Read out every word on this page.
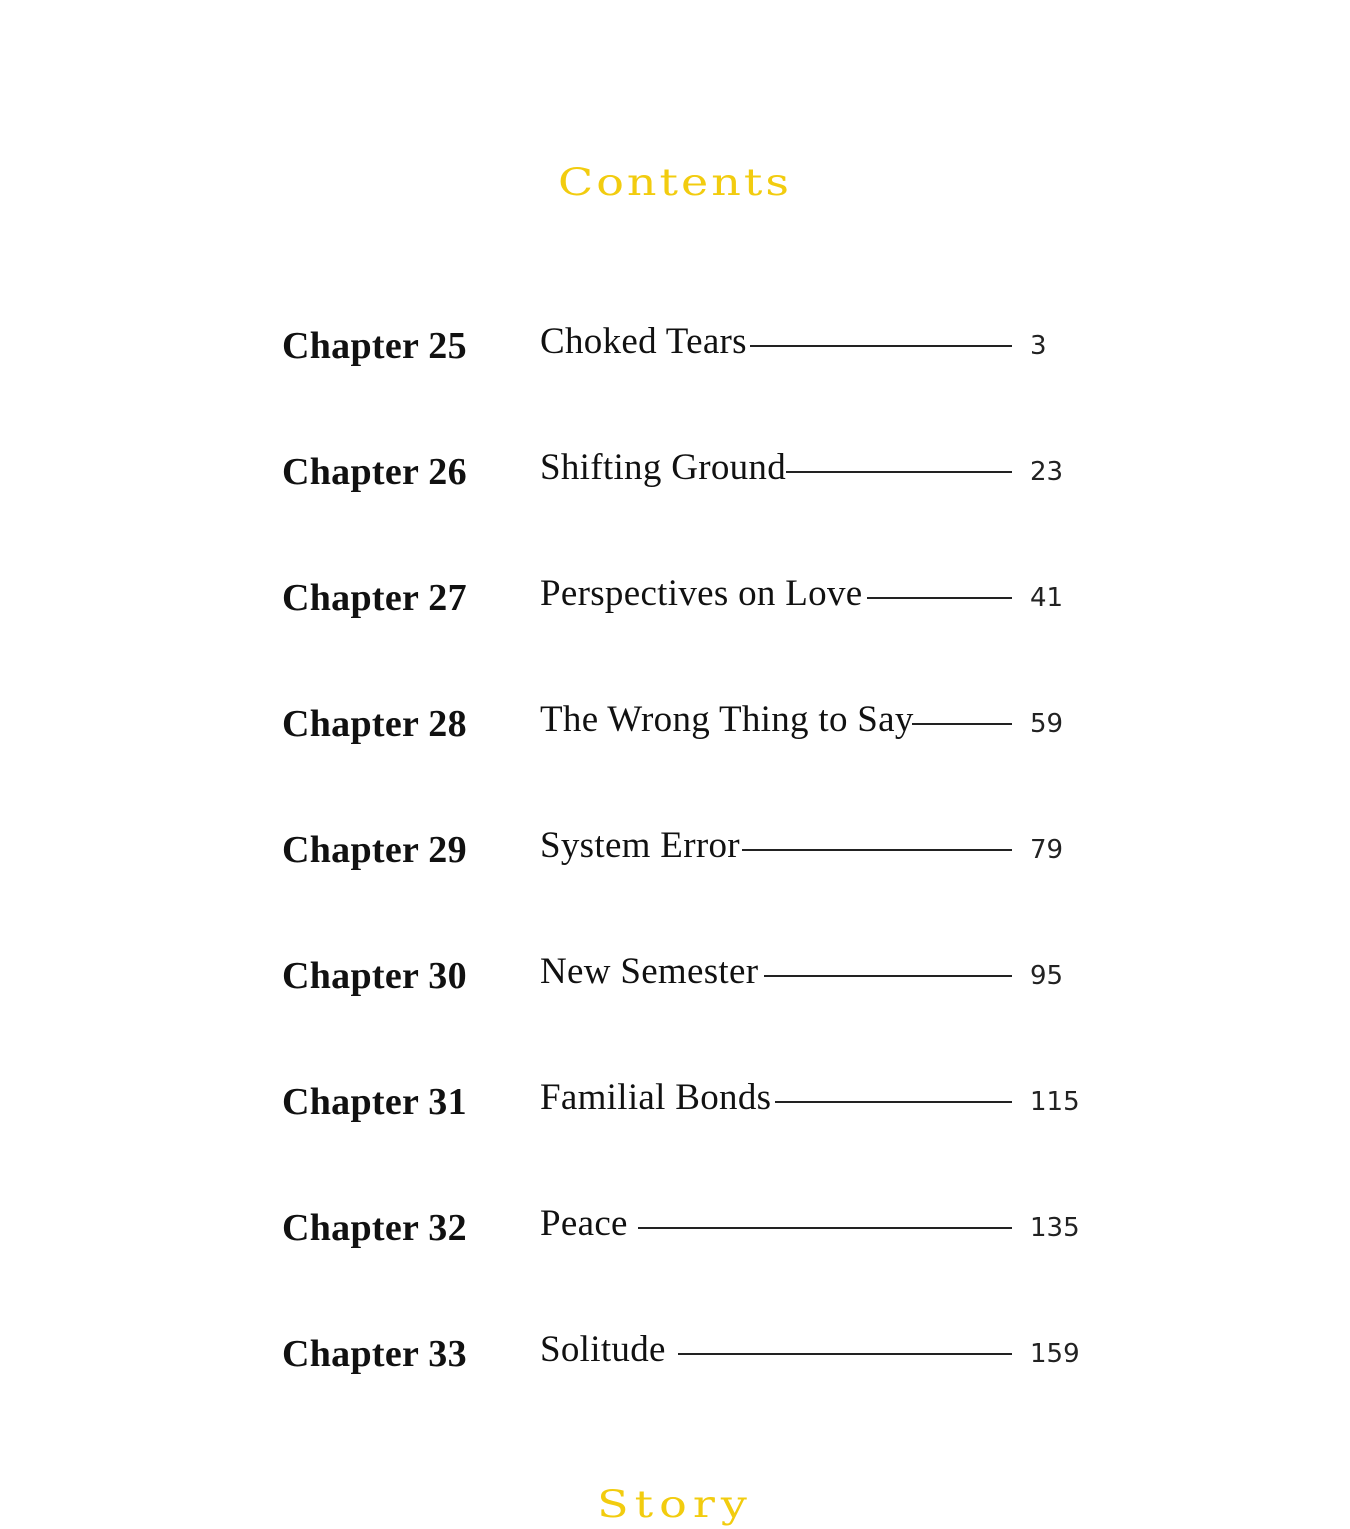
Contents
Chapter 25 Choked Tears	3
Chapter 26 Shifting Ground	23
Chapter 27 Perspectives on Love	41
Chapter 28 The Wrong Thing to Say	59
Chapter 29 System Error	79
Chapter 30 New Semester	95
Chapter 31 Familial Bonds	115
Chapter 32 Peace	135
Chapter 33 Solitude	159
Story
